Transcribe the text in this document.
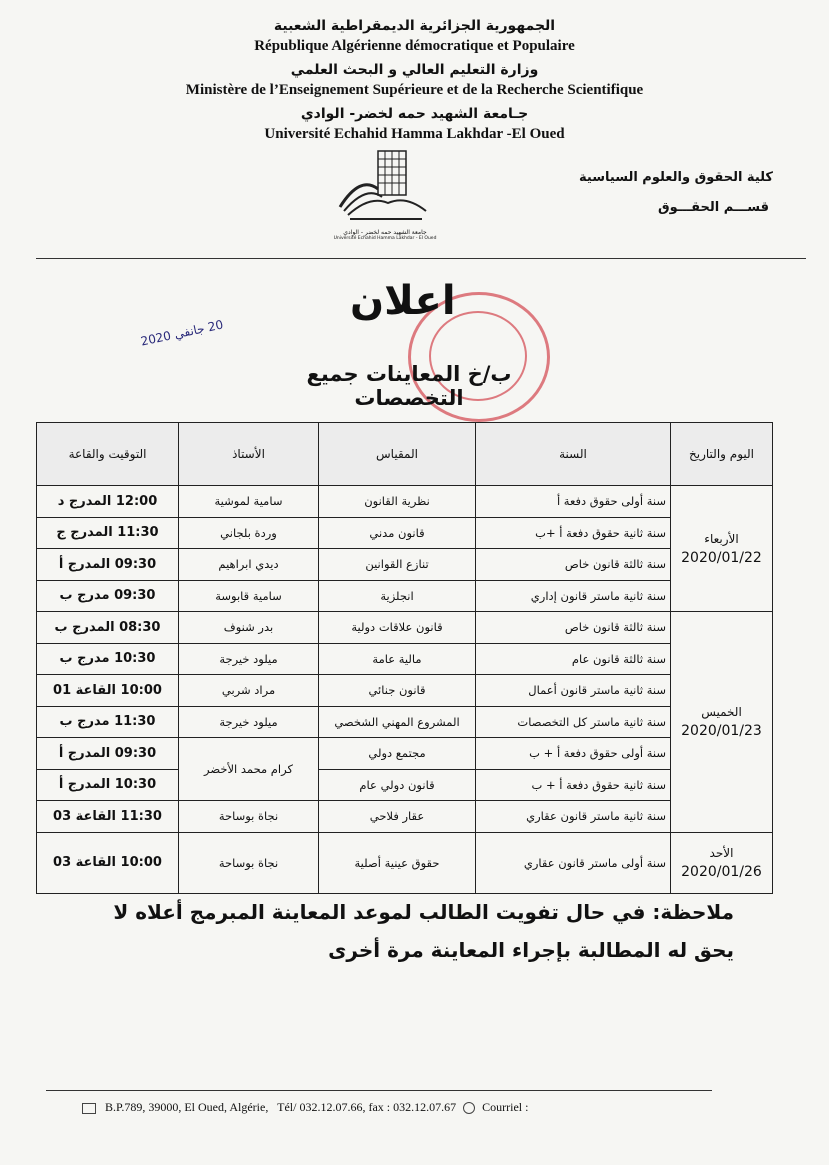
الجمهورية الجزائرية الديمقراطية الشعبية
République Algérienne démocratique et Populaire
وزارة التعليم العالي و البحث العلمي
Ministère de l’Enseignement Supérieure et de la Recherche Scientifique
جـامعة الشهيد حمه لخضر- الوادي
Université Echahid Hamma Lakhdar -El Oued
جامعة الشهيد حمه لخضر - الوادي
Université Echahid Hamma Lakhdar - El Oued
كلية الحقوق والعلوم السياسية
قســـم الحقـــوق
اعلان
20 جانفي 2020
ب/خ المعاينات جميع التخصصات
اليوم والتاريخ	السنة	المقياس	الأستاذ	التوقيت والقاعة

الأربعاء
2020/01/22	سنة أولى حقوق دفعة أ	نظرية القانون	سامية لموشية	12:00 المدرج د
	سنة ثانية حقوق دفعة أ +ب	قانون مدني	وردة بلجاني	11:30 المدرج ج
	سنة ثالثة قانون خاص	تنازع القوانين	ديدي ابراهيم	09:30 المدرج أ
	سنة ثانية ماستر قانون إداري	انجلزية	سامية قابوسة	09:30 مدرج ب

الخميس
2020/01/23	سنة ثالثة قانون خاص	قانون علاقات دولية	بدر شنوف	08:30 المدرج ب
	سنة ثالثة قانون عام	مالية عامة	ميلود خيرجة	10:30 مدرج ب
	سنة ثانية ماستر قانون أعمال	قانون جنائي	مراد شربي	10:00 القاعة 01
	سنة ثانية ماستر كل التخصصات	المشروع المهني الشخصي	ميلود خيرجة	11:30 مدرج ب
	سنة أولى حقوق دفعة أ + ب	مجتمع دولي	كرام محمد الأخضر	09:30 المدرج أ
	سنة ثانية حقوق دفعة أ + ب	قانون دولي عام		10:30 المدرج أ
	سنة ثانية ماستر قانون عقاري	عقار فلاحي	نجاة بوساحة	11:30 القاعة 03

الأحد
2020/01/26	سنة أولى ماستر قانون عقاري	حقوق عينية أصلية	نجاة بوساحة	10:00 القاعة 03
ملاحظة: في حال تفويت الطالب لموعد المعاينة المبرمج أعلاه لا
يحق له المطالبة بإجراء المعاينة مرة أخرى
B.P.789, 39000, El Oued, Algérie, Tél/ 032.12.07.66, fax : 032.12.07.67 Courriel :
